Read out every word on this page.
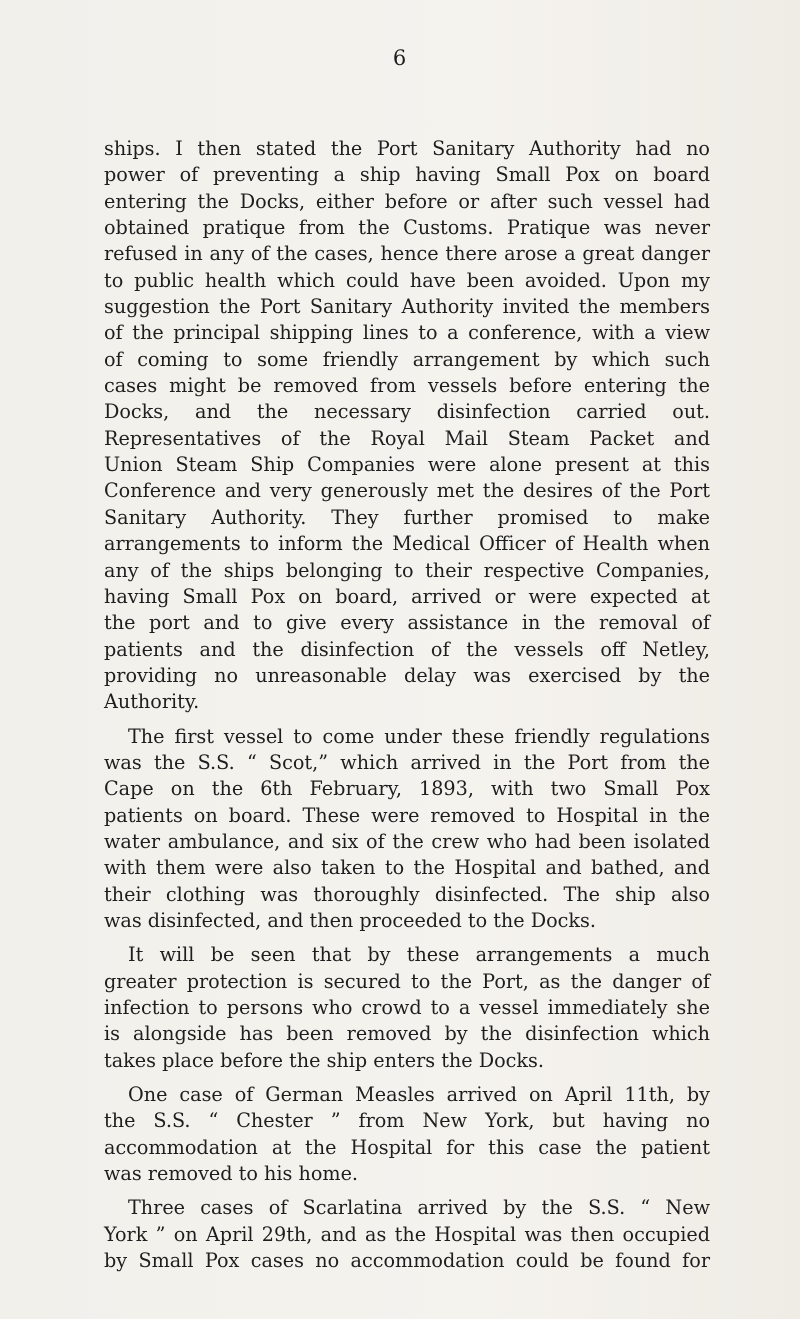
6
ships. I then stated the Port Sanitary Authority had no
power of preventing a ship having Small Pox on board
entering the Docks, either before or after such vessel had
obtained pratique from the Customs. Pratique was never
refused in any of the cases, hence there arose a great danger
to public health which could have been avoided. Upon my
suggestion the Port Sanitary Authority invited the members
of the principal shipping lines to a conference, with a view
of coming to some friendly arrangement by which such
cases might be removed from vessels before entering the
Docks, and the necessary disinfection carried out.
Representatives of the Royal Mail Steam Packet and
Union Steam Ship Companies were alone present at this
Conference and very generously met the desires of the Port
Sanitary Authority. They further promised to make
arrangements to inform the Medical Officer of Health when
any of the ships belonging to their respective Companies,
having Small Pox on board, arrived or were expected at
the port and to give every assistance in the removal of
patients and the disinfection of the vessels off Netley,
providing no unreasonable delay was exercised by the
Authority.
The first vessel to come under these friendly regulations
was the S.S. “ Scot,” which arrived in the Port from the
Cape on the 6th February, 1893, with two Small Pox
patients on board. These were removed to Hospital in the
water ambulance, and six of the crew who had been isolated
with them were also taken to the Hospital and bathed, and
their clothing was thoroughly disinfected. The ship also
was disinfected, and then proceeded to the Docks.
It will be seen that by these arrangements a much
greater protection is secured to the Port, as the danger of
infection to persons who crowd to a vessel immediately she
is alongside has been removed by the disinfection which
takes place before the ship enters the Docks.
One case of German Measles arrived on April 11th, by
the S.S. “ Chester ” from New York, but having no
accommodation at the Hospital for this case the patient
was removed to his home.
Three cases of Scarlatina arrived by the S.S. “ New
York ” on April 29th, and as the Hospital was then occupied
by Small Pox cases no accommodation could be found for
